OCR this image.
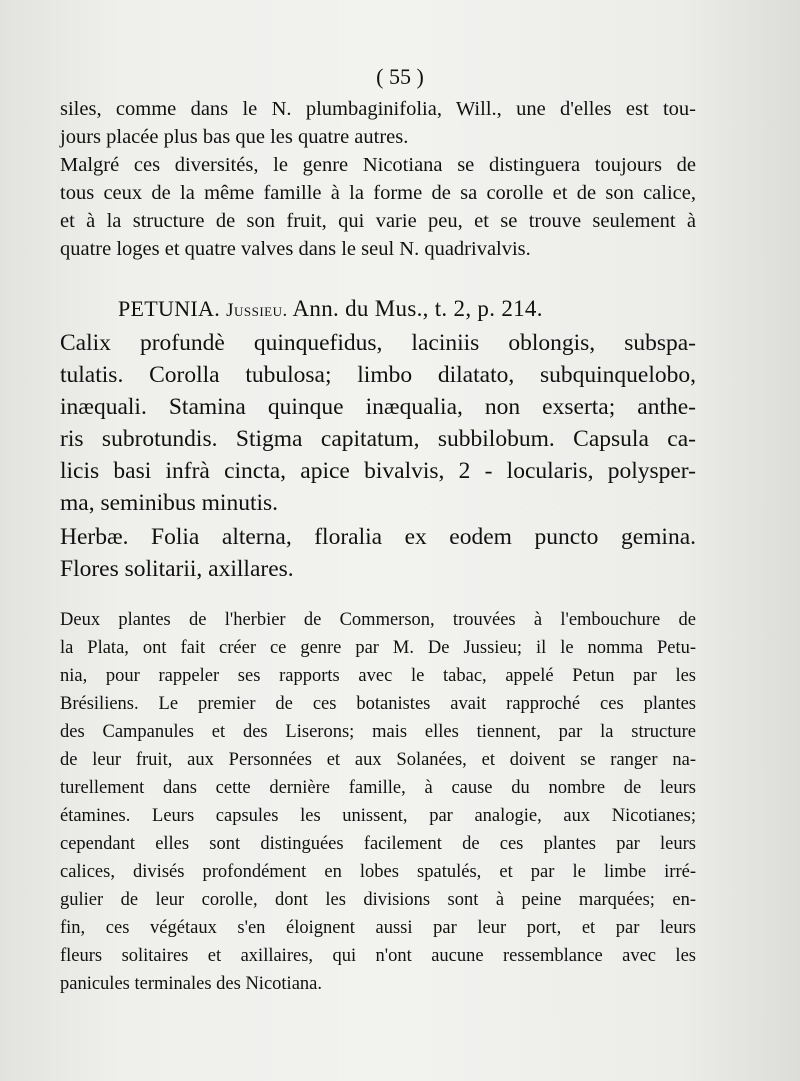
( 55 )
siles, comme dans le N. plumbaginifolia, Will., une d'elles est tou-
jours placée plus bas que les quatre autres.
Malgré ces diversités, le genre Nicotiana se distinguera toujours de
tous ceux de la même famille à la forme de sa corolle et de son calice,
et à la structure de son fruit, qui varie peu, et se trouve seulement à
quatre loges et quatre valves dans le seul N. quadrivalvis.
PETUNIA. Jussieu. Ann. du Mus., t. 2, p. 214.
Calix profundè quinquefidus, laciniis oblongis, subspa-
tulatis. Corolla tubulosa; limbo dilatato, subquinquelobo,
inæquali. Stamina quinque inæqualia, non exserta; anthe-
ris subrotundis. Stigma capitatum, subbilobum. Capsula ca-
licis basi infrà cincta, apice bivalvis, 2 - locularis, polysper-
ma, seminibus minutis.
Herbæ. Folia alterna, floralia ex eodem puncto gemina.
Flores solitarii, axillares.
Deux plantes de l'herbier de Commerson, trouvées à l'embouchure de
la Plata, ont fait créer ce genre par M. De Jussieu; il le nomma Petu-
nia, pour rappeler ses rapports avec le tabac, appelé Petun par les
Brésiliens. Le premier de ces botanistes avait rapproché ces plantes
des Campanules et des Liserons; mais elles tiennent, par la structure
de leur fruit, aux Personnées et aux Solanées, et doivent se ranger na-
turellement dans cette dernière famille, à cause du nombre de leurs
étamines. Leurs capsules les unissent, par analogie, aux Nicotianes;
cependant elles sont distinguées facilement de ces plantes par leurs
calices, divisés profondément en lobes spatulés, et par le limbe irré-
gulier de leur corolle, dont les divisions sont à peine marquées; en-
fin, ces végétaux s'en éloignent aussi par leur port, et par leurs
fleurs solitaires et axillaires, qui n'ont aucune ressemblance avec les
panicules terminales des Nicotiana.
